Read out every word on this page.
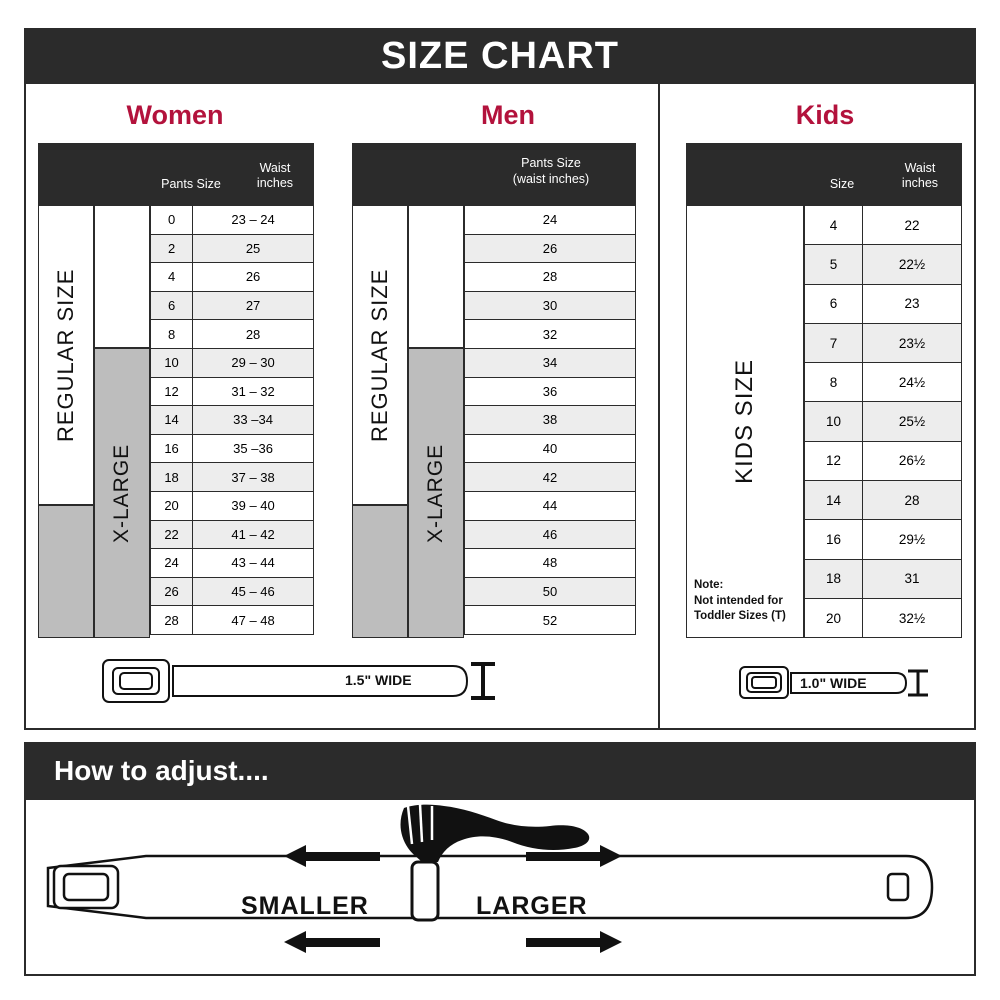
SIZE CHART
Women
Pants Size
Waist
inches
REGULAR SIZE
X-LARGE
0	23 – 24
2	25
4	26
6	27
8	28
10	29 – 30
12	31 – 32
14	33 –34
16	35 –36
18	37 – 38
20	39 – 40
22	41 – 42
24	43 – 44
26	45 – 46
28	47 – 48
Men
Pants Size
(waist inches)
REGULAR SIZE
X-LARGE
24
26
28
30
32
34
36
38
40
42
44
46
48
50
52
Kids
Size
Waist
inches
KIDS SIZE
Note:
Not intended for
Toddler Sizes (T)
4	22
5	22½
6	23
7	23½
8	24½
10	25½
12	26½
14	28
16	29½
18	31
20	32½
1.5" WIDE	1.0" WIDE
How to adjust....
SMALLER	LARGER
